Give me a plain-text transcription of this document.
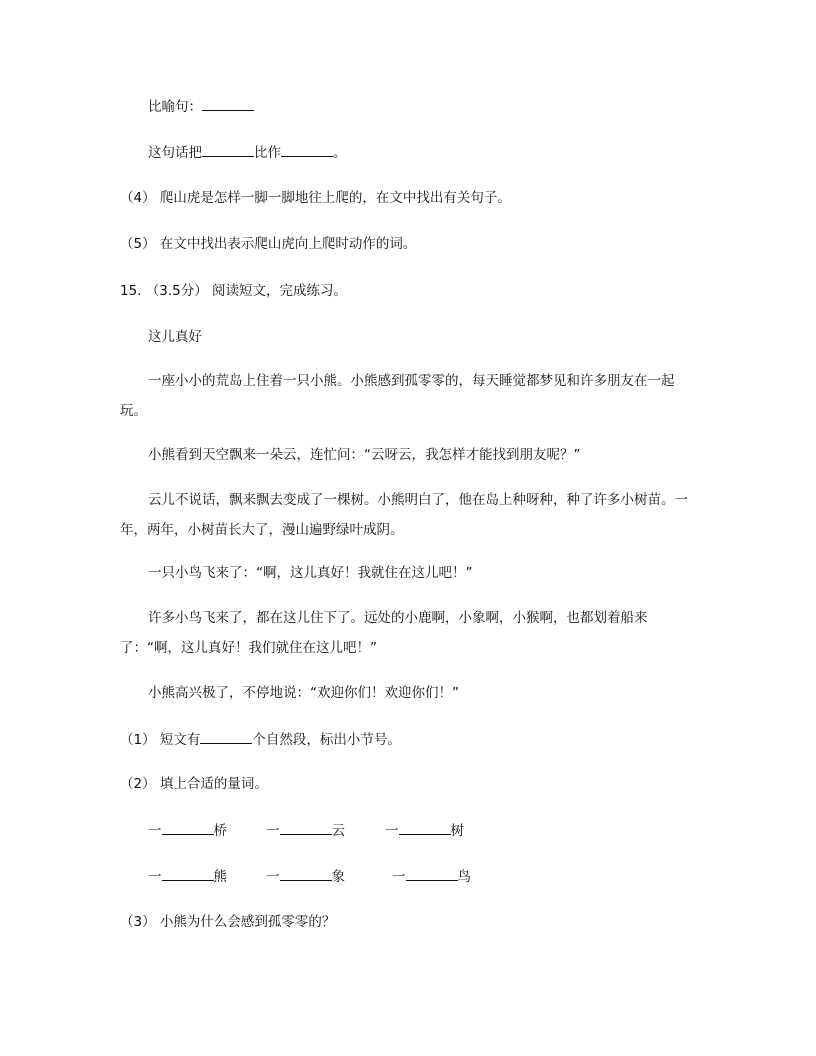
比喻句：
这句话把	比作	。
（4） 爬山虎是怎样一脚一脚地往上爬的，在文中找出有关句子。
（5） 在文中找出表示爬山虎向上爬时动作的词。
15. （3.5分） 阅读短文，完成练习。
这儿真好
一座小小的荒岛上住着一只小熊。小熊感到孤零零的，每天睡觉都梦见和许多朋友在一起玩。
小熊看到天空飘来一朵云，连忙问：“云呀云，我怎样才能找到朋友呢？”
云儿不说话，飘来飘去变成了一棵树。小熊明白了，他在岛上种呀种，种了许多小树苗。一年，两年，小树苗长大了，漫山遍野绿叶成阴。
一只小鸟飞来了：“啊，这儿真好！我就住在这儿吧！”
许多小鸟飞来了，都在这儿住下了。远处的小鹿啊，小象啊，小猴啊，也都划着船来了：“啊，这儿真好！我们就住在这儿吧！”
小熊高兴极了，不停地说：“欢迎你们！欢迎你们！”
（1） 短文有	个自然段，标出小节号。
（2） 填上合适的量词。
一	桥	一	云	一	树
一	熊	一	象	一	鸟
（3） 小熊为什么会感到孤零零的？
